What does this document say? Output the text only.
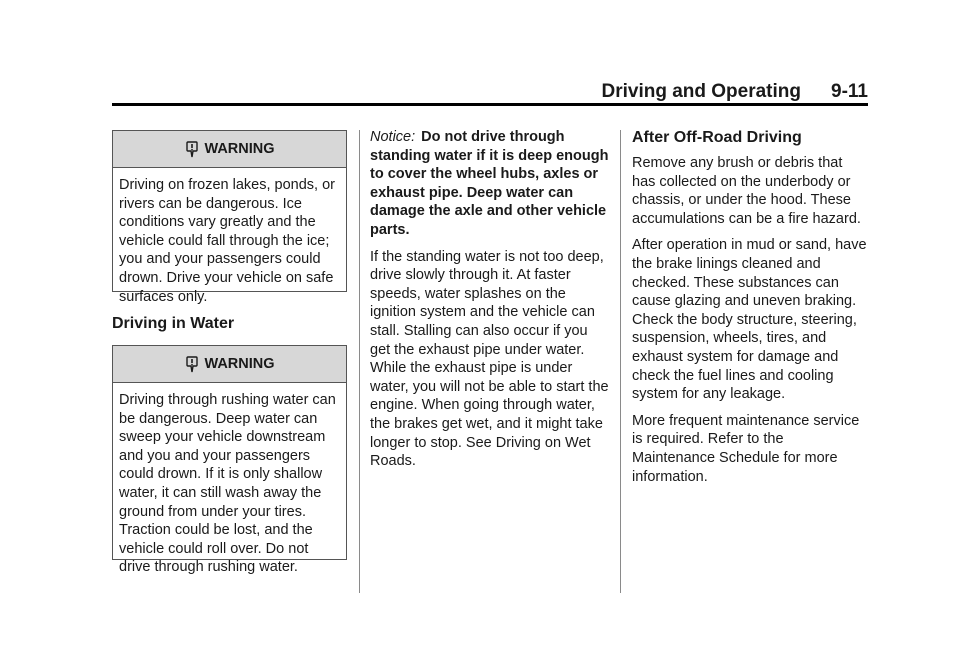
Driving and Operating 9-11
WARNING
Driving on frozen lakes, ponds, or rivers can be dangerous. Ice conditions vary greatly and the vehicle could fall through the ice; you and your passengers could drown. Drive your vehicle on safe surfaces only.
Driving in Water
WARNING
Driving through rushing water can be dangerous. Deep water can sweep your vehicle downstream and you and your passengers could drown. If it is only shallow water, it can still wash away the ground from under your tires. Traction could be lost, and the vehicle could roll over. Do not drive through rushing water.

Notice: Do not drive through standing water if it is deep enough to cover the wheel hubs, axles or exhaust pipe. Deep water can damage the axle and other vehicle parts.

If the standing water is not too deep, drive slowly through it. At faster speeds, water splashes on the ignition system and the vehicle can stall. Stalling can also occur if you get the exhaust pipe under water. While the exhaust pipe is under water, you will not be able to start the engine. When going through water, the brakes get wet, and it might take longer to stop. See Driving on Wet Roads.

After Off-Road Driving

Remove any brush or debris that has collected on the underbody or chassis, or under the hood. These accumulations can be a fire hazard.

After operation in mud or sand, have the brake linings cleaned and checked. These substances can cause glazing and uneven braking. Check the body structure, steering, suspension, wheels, tires, and exhaust system for damage and check the fuel lines and cooling system for any leakage.

More frequent maintenance service is required. Refer to the Maintenance Schedule for more information.
